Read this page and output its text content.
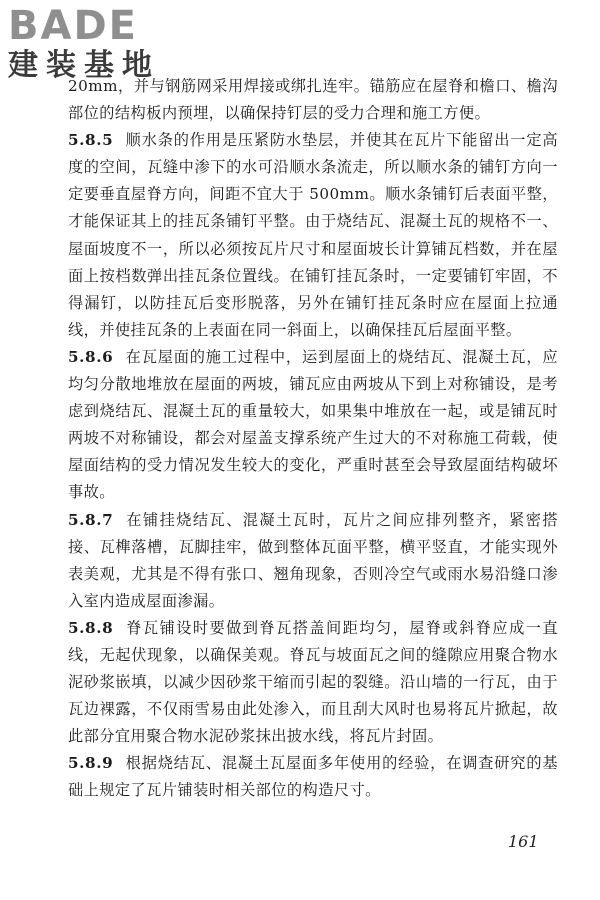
BADE
建装基地

20mm，并与钢筋网采用焊接或绑扎连牢。锚筋应在屋脊和檐口、檐沟部位的结构板内预埋，以确保持钉层的受力合理和施工方便。

5.8.5 顺水条的作用是压紧防水垫层，并使其在瓦片下能留出一定高度的空间，瓦缝中渗下的水可沿顺水条流走，所以顺水条的铺钉方向一定要垂直屋脊方向，间距不宜大于 500mm。顺水条铺钉后表面平整，才能保证其上的挂瓦条铺钉平整。由于烧结瓦、混凝土瓦的规格不一、屋面坡度不一，所以必须按瓦片尺寸和屋面坡长计算铺瓦档数，并在屋面上按档数弹出挂瓦条位置线。在铺钉挂瓦条时，一定要铺钉牢固，不得漏钉，以防挂瓦后变形脱落，另外在铺钉挂瓦条时应在屋面上拉通线，并使挂瓦条的上表面在同一斜面上，以确保挂瓦后屋面平整。

5.8.6 在瓦屋面的施工过程中，运到屋面上的烧结瓦、混凝土瓦，应均匀分散地堆放在屋面的两坡，铺瓦应由两坡从下到上对称铺设，是考虑到烧结瓦、混凝土瓦的重量较大，如果集中堆放在一起，或是铺瓦时两坡不对称铺设，都会对屋盖支撑系统产生过大的不对称施工荷载，使屋面结构的受力情况发生较大的变化，严重时甚至会导致屋面结构破坏事故。

5.8.7 在铺挂烧结瓦、混凝土瓦时，瓦片之间应排列整齐，紧密搭接、瓦榫落槽，瓦脚挂牢，做到整体瓦面平整，横平竖直，才能实现外表美观，尤其是不得有张口、翘角现象，否则冷空气或雨水易沿缝口渗入室内造成屋面渗漏。

5.8.8 脊瓦铺设时要做到脊瓦搭盖间距均匀，屋脊或斜脊应成一直线，无起伏现象，以确保美观。脊瓦与坡面瓦之间的缝隙应用聚合物水泥砂浆嵌填，以减少因砂浆干缩而引起的裂缝。沿山墙的一行瓦，由于瓦边裸露，不仅雨雪易由此处渗入，而且刮大风时也易将瓦片掀起，故此部分宜用聚合物水泥砂浆抹出披水线，将瓦片封固。

5.8.9 根据烧结瓦、混凝土瓦屋面多年使用的经验，在调查研究的基础上规定了瓦片铺装时相关部位的构造尺寸。

161
